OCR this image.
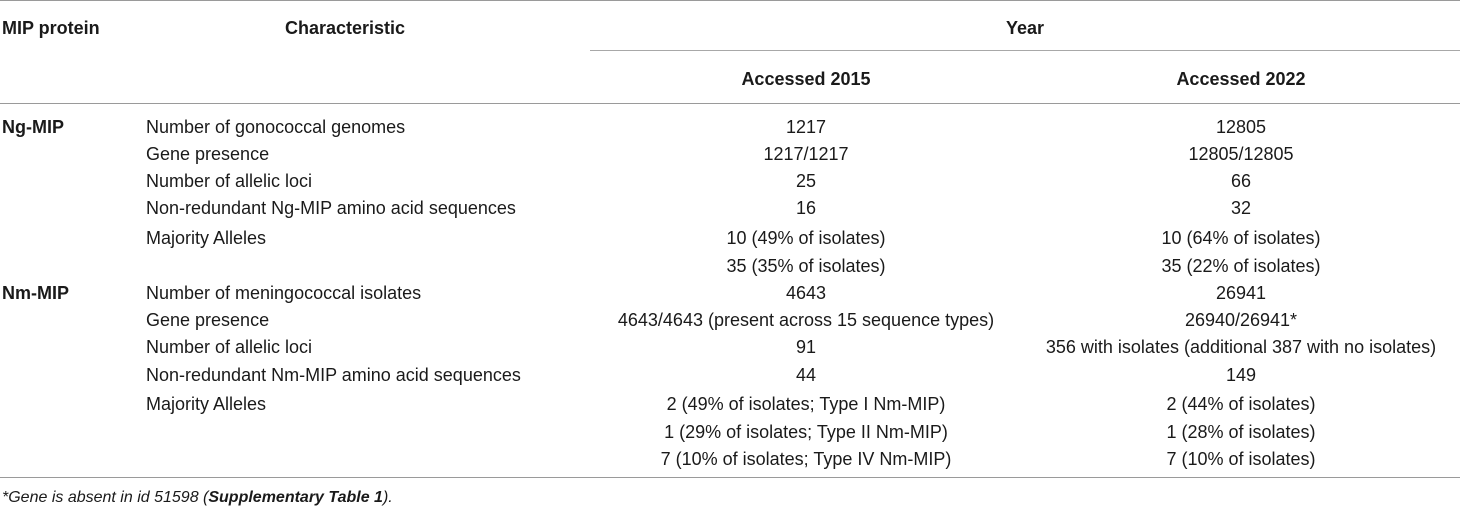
MIP protein	Characteristic	Year
Accessed 2015	Accessed 2022
Ng-MIP	Number of gonococcal genomes	1217	12805
Gene presence	1217/1217	12805/12805
Number of allelic loci	25	66
Non-redundant Ng-MIP amino acid sequences	16	32
Majority Alleles	10 (49% of isolates)	10 (64% of isolates)
35 (35% of isolates)	35 (22% of isolates)
Nm-MIP	Number of meningococcal isolates	4643	26941
Gene presence	4643/4643 (present across 15 sequence types)	26940/26941*
Number of allelic loci	91	356 with isolates (additional 387 with no isolates)
Non-redundant Nm-MIP amino acid sequences	44	149
Majority Alleles	2 (49% of isolates; Type I Nm-MIP)	2 (44% of isolates)
1 (29% of isolates; Type II Nm-MIP)	1 (28% of isolates)
7 (10% of isolates; Type IV Nm-MIP)	7 (10% of isolates)
*Gene is absent in id 51598 (Supplementary Table 1).
